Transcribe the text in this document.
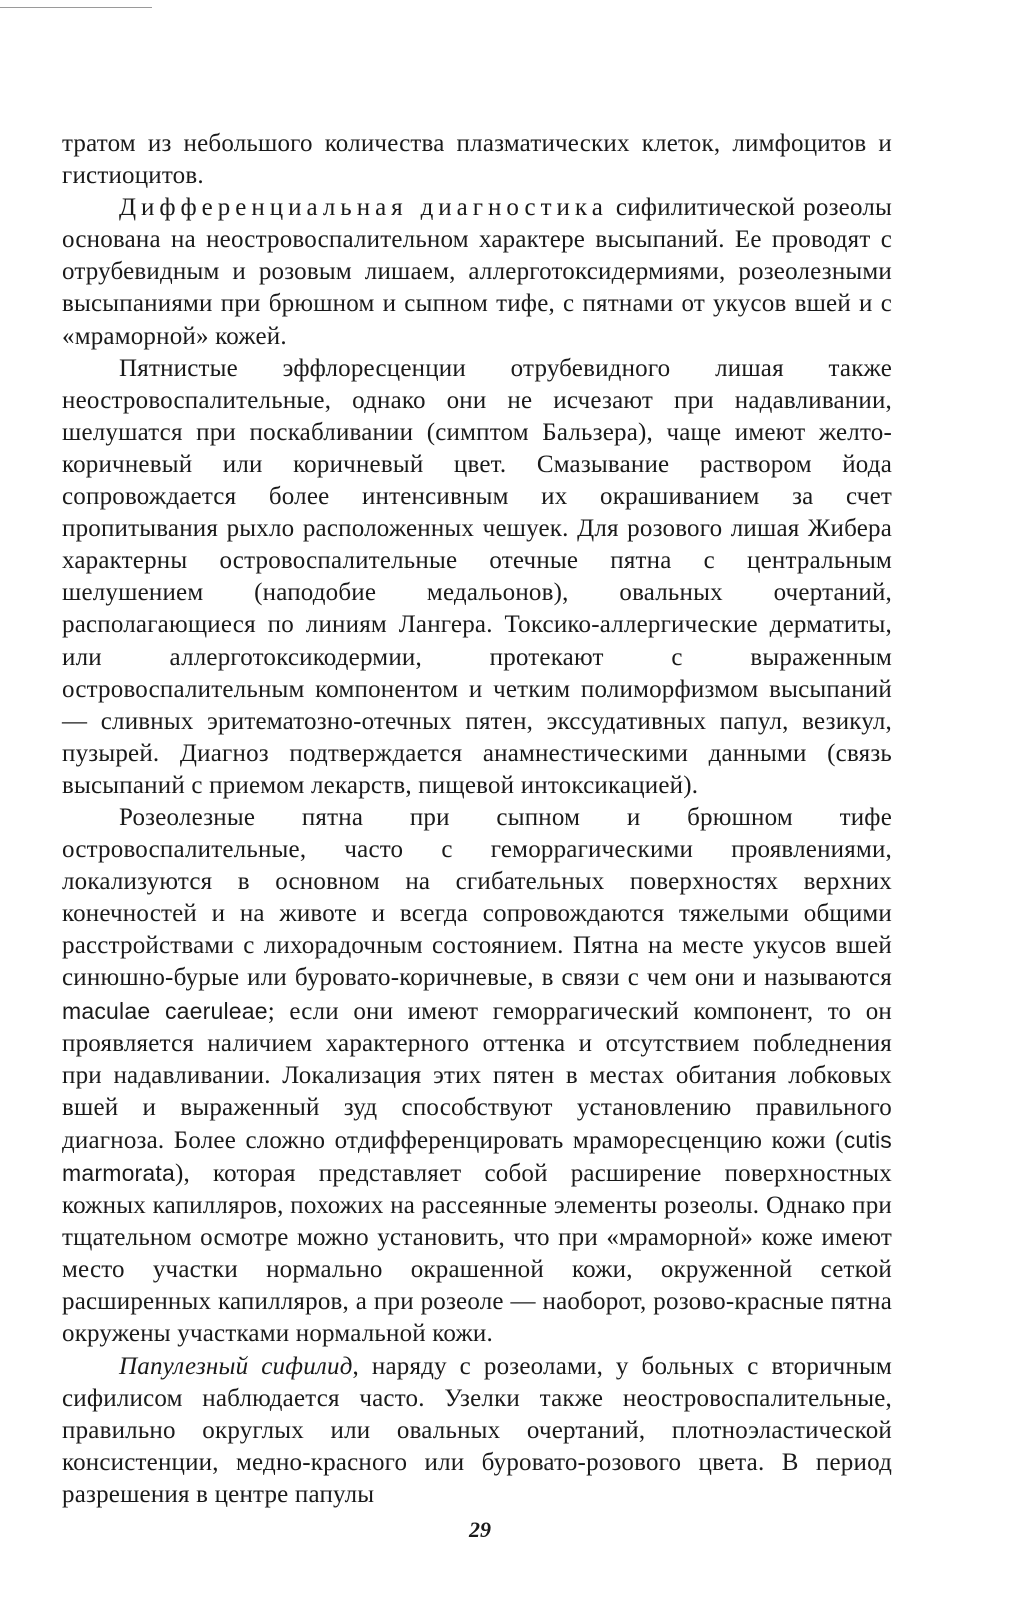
тратом из небольшого количества плазматических клеток, лимфоцитов и гистиоцитов.

Дифференциальная диагностика сифилитической розеолы основана на неостровоспалительном характере высыпаний. Ее проводят с отрубевидным и розовым лишаем, аллерготоксидермиями, розеолезными высыпаниями при брюшном и сыпном тифе, с пятнами от укусов вшей и с «мраморной» кожей.

Пятнистые эффлоресценции отрубевидного лишая также неостровоспалительные, однако они не исчезают при надавливании, шелушатся при поскабливании (симптом Бальзера), чаще имеют желто-коричневый или коричневый цвет. Смазывание раствором йода сопровождается более интенсивным их окрашиванием за счет пропитывания рыхло расположенных чешуек. Для розового лишая Жибера характерны островоспалительные отечные пятна с центральным шелушением (наподобие медальонов), овальных очертаний, располагающиеся по линиям Лангера. Токсико-аллергические дерматиты, или аллерготоксикодермии, протекают с выраженным островоспалительным компонентом и четким полиморфизмом высыпаний — сливных эритематозно-отечных пятен, экссудативных папул, везикул, пузырей. Диагноз подтверждается анамнестическими данными (связь высыпаний с приемом лекарств, пищевой интоксикацией).

Розеолезные пятна при сыпном и брюшном тифе островоспалительные, часто с геморрагическими проявлениями, локализуются в основном на сгибательных поверхностях верхних конечностей и на животе и всегда сопровождаются тяжелыми общими расстройствами с лихорадочным состоянием. Пятна на месте укусов вшей синюшно-бурые или буровато-коричневые, в связи с чем они и называются maculae caeruleae; если они имеют геморрагический компонент, то он проявляется наличием характерного оттенка и отсутствием побледнения при надавливании. Локализация этих пятен в местах обитания лобковых вшей и выраженный зуд способствуют установлению правильного диагноза. Более сложно отдифференцировать мраморесценцию кожи (cutis marmorata), которая представляет собой расширение поверхностных кожных капилляров, похожих на рассеянные элементы розеолы. Однако при тщательном осмотре можно установить, что при «мраморной» коже имеют место участки нормально окрашенной кожи, окруженной сеткой расширенных капилляров, а при розеоле — наоборот, розово-красные пятна окружены участками нормальной кожи.

Папулезный сифилид, наряду с розеолами, у больных с вторичным сифилисом наблюдается часто. Узелки также неостровоспалительные, правильно округлых или овальных очертаний, плотноэластической консистенции, медно-красного или буровато-розового цвета. В период разрешения в центре папулы

29
